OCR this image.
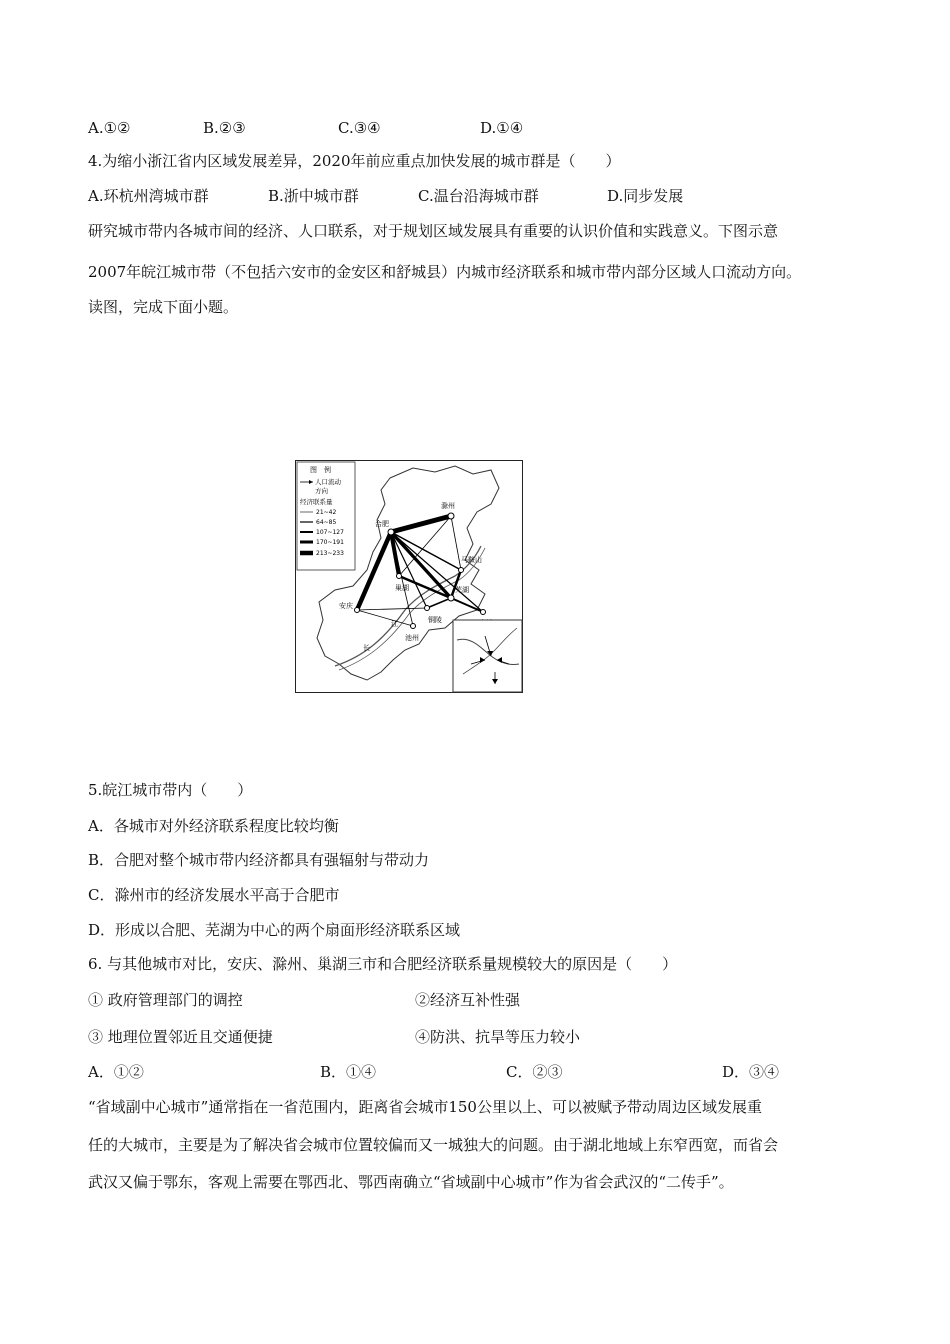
A.①②	B.②③	C.③④	D.①④
4.为缩小浙江省内区域发展差异，2020年前应重点加快发展的城市群是（　　）
A.环杭州湾城市群	B.浙中城市群	C.温台沿海城市群	D.同步发展
研究城市带内各城市间的经济、人口联系，对于规划区域发展具有重要的认识价值和实践意义。下图示意
2007年皖江城市带（不包括六安市的金安区和舒城县）内城市经济联系和城市带内部分区域人口流动方向。
读图，完成下面小题。
图　例
人口流动
方向
经济联系量
21~42
64~85
107~127
170~191
213~233
合肥
滁州
马鞍山
巢湖	芜湖
安庆
池州
铜陵
江
长
5.皖江城市带内（　　）
A．各城市对外经济联系程度比较均衡
B．合肥对整个城市带内经济都具有强辐射与带动力
C．滁州市的经济发展水平高于合肥市
D．形成以合肥、芜湖为中心的两个扇面形经济联系区域
6. 与其他城市对比，安庆、滁州、巢湖三市和合肥经济联系量规模较大的原因是（　　）
① 政府管理部门的调控	②经济互补性强
③ 地理位置邻近且交通便捷	④防洪、抗旱等压力较小
A．①②	B．①④	C．②③	D．③④
“省域副中心城市”通常指在一省范围内，距离省会城市150公里以上、可以被赋予带动周边区域发展重
任的大城市，主要是为了解决省会城市位置较偏而又一城独大的问题。由于湖北地域上东窄西宽，而省会
武汉又偏于鄂东，客观上需要在鄂西北、鄂西南确立“省域副中心城市”作为省会武汉的“二传手”。
